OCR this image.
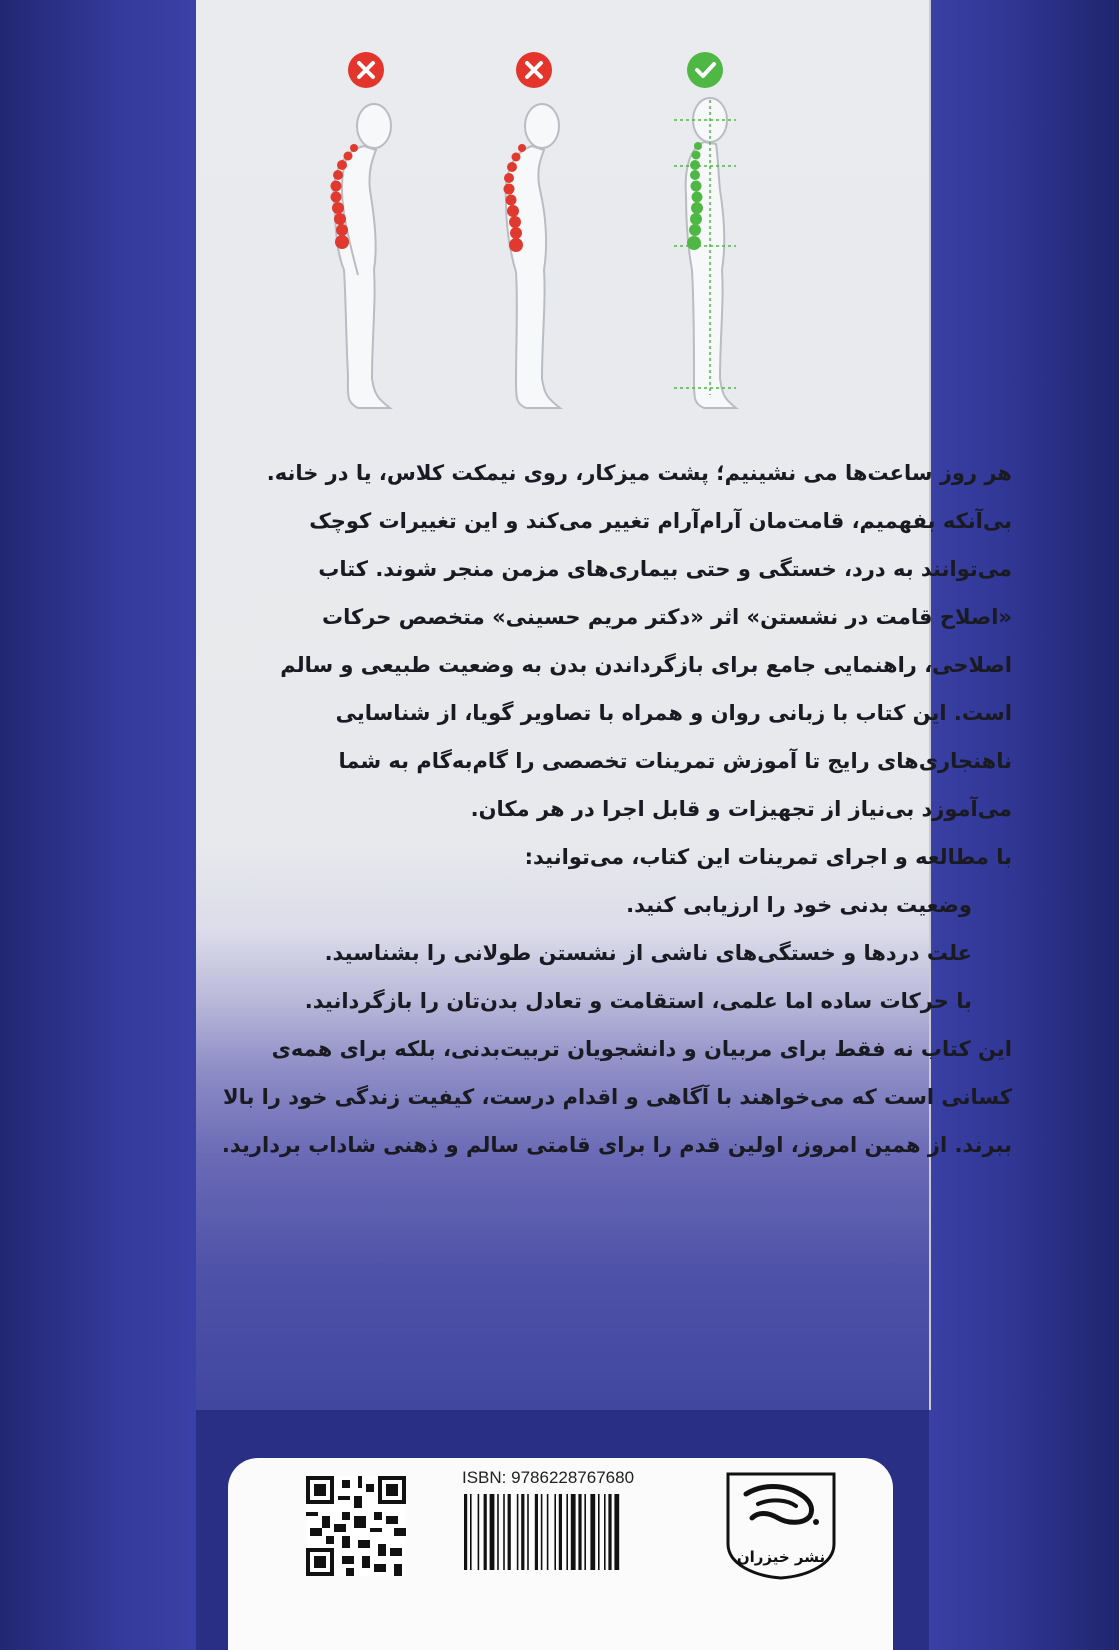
هر روز ساعت‌ها می نشینیم؛ پشت میزکار، روی نیمکت کلاس، یا در خانه.
بی‌آنکه بفهمیم، قامت‌مان آرام‌آرام تغییر می‌کند و این تغییرات کوچک
می‌توانند به درد، خستگی و حتی بیماری‌های مزمن منجر شوند. کتاب
«اصلاح قامت در نشستن» اثر «دکتر مریم حسینی» متخصص حرکات
اصلاحی، راهنمایی جامع برای بازگرداندن بدن به وضعیت طبیعی و سالم
است. این کتاب با زبانی روان و همراه با تصاویر گویا، از شناسایی
ناهنجاری‌های رایج تا آموزش تمرینات تخصصی را گام‌به‌گام به شما
می‌آموزد بی‌نیاز از تجهیزات و قابل اجرا در هر مکان.
با مطالعه و اجرای تمرینات این کتاب، می‌توانید:
وضعیت بدنی خود را ارزیابی کنید.
علت دردها و خستگی‌های ناشی از نشستن طولانی را بشناسید.
با حرکات ساده اما علمی، استقامت و تعادل بدن‌تان را بازگردانید.
این کتاب نه فقط برای مربیان و دانشجویان تربیت‌بدنی، بلکه برای همه‌ی
کسانی است که می‌خواهند با آگاهی و اقدام درست، کیفیت زندگی خود را بالا
ببرند. از همین امروز، اولین قدم را برای قامتی سالم و ذهنی شاداب بردارید.
ISBN: 9786228767680
نشر خیزران
